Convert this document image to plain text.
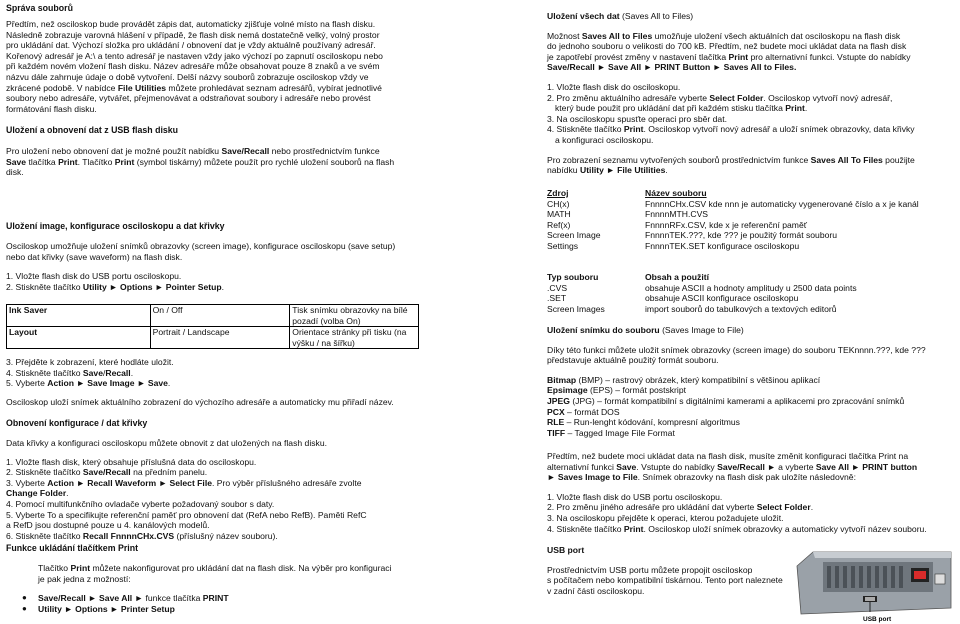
Správa souborů

Předtím, než osciloskop bude provádět zápis dat, automaticky zjišťuje volné místo na flash disku.

Následně zobrazuje varovná hlášení v případě, že flash disk nemá dostatečně velký, volný prostor

pro ukládání dat. Výchozí složka pro ukládání / obnovení dat je vždy aktuálně používaný adresář.

Kořenový adresář je A:\ a tento adresář je nastaven vždy jako výchozí po zapnutí osciloskopu nebo

při každém novém vložení flash disku. Název adresáře může obsahovat pouze 8 znaků a ve svém

názvu dále zahrnuje údaje o době vytvoření. Delší názvy souborů zobrazuje osciloskop vždy ve

zkrácené podobě. V nabídce File Utilities můžete prohledávat seznam adresářů, vybírat jednotlivé

soubory nebo adresáře, vytvářet, přejmenovávat a odstraňovat soubory i adresáře nebo provést

formátování flash disku.

Uložení a obnovení dat z USB flash disku

Pro uložení nebo obnovení dat je možné použít nabídku Save/Recall nebo prostřednictvím funkce

Save tlačítka Print. Tlačítko Print (symbol tiskárny) můžete použít pro rychlé uložení souborů na flash

disk.

Uložení image, konfigurace osciloskopu a dat křivky

Osciloskop umožňuje uložení snímků obrazovky (screen image), konfigurace osciloskopu (save setup)

nebo dat křivky (save waveform) na flash disk.

1. Vložte flash disk do USB portu osciloskopu.

2. Stiskněte tlačítko Utility ► Options ► Pointer Setup.

Ink Saver	On / Off	Tisk snímku obrazovky na bílé pozadí (volba On)
Layout	Portrait / Landscape	Orientace stránky při tisku (na výšku / na šířku)

3. Přejděte k zobrazení, které hodláte uložit.

4. Stiskněte tlačítko Save/Recall.

5. Vyberte Action ► Save Image ► Save.

Osciloskop uloží snímek aktuálního zobrazení do výchozího adresáře a automaticky mu přiřadí název.

Obnovení konfigurace / dat křivky

Data křivky a konfiguraci osciloskopu můžete obnovit z dat uložených na flash disku.

1. Vložte flash disk, který obsahuje příslušná data do osciloskopu.

2. Stiskněte tlačítko Save/Recall na předním panelu.

3. Vyberte Action ► Recall Waveform ► Select File. Pro výběr příslušného adresáře zvolte

Change Folder.

4. Pomocí multifunkčního ovladače vyberte požadovaný soubor s daty.

5. Vyberte To a specifikujte referenční paměť pro obnovení dat (RefA nebo RefB). Paměti RefC

a RefD jsou dostupné pouze u 4. kanálových modelů.

6. Stiskněte tlačítko Recall FnnnnCHx.CVS (příslušný název souboru).

Funkce ukládání tlačítkem Print

Tlačítko Print můžete nakonfigurovat pro ukládání dat na flash disk. Na výběr pro konfiguraci

je pak jedna z možností:

● Save/Recall ► Save All ► funkce tlačítka PRINT
● Utility ► Options ► Printer Setup

Uložení všech dat (Saves All to Files)

Možnost Saves All to Files umožňuje uložení všech aktuálních dat osciloskopu na flash disk

do jednoho souboru o velikosti do 700 kB. Předtím, než budete moci ukládat data na flash disk

je zapotřebí provést změny v nastavení tlačítka Print pro alternativní funkci. Vstupte do nabídky

Save/Recall ► Save All ► PRINT Button ► Saves All to Files.

1. Vložte flash disk do osciloskopu.

2. Pro změnu aktuálního adresáře vyberte Select Folder. Osciloskop vytvoří nový adresář,

který bude použit pro ukládání dat při každém stisku tlačítka Print.

3. Na osciloskopu spusťte operaci pro sběr dat.

4. Stiskněte tlačítko Print. Osciloskop vytvoří nový adresář a uloží snímek obrazovky, data křivky

a konfiguraci osciloskopu.

Pro zobrazení seznamu vytvořených souborů prostřednictvím funkce Saves All To Files použijte

nabídku Utility ► File Utilities.

Zdroj	Název souboru
CH(x)	FnnnnCHx.CSV kde nnn je automaticky vygenerované číslo a x je kanál
MATH	FnnnnMTH.CVS
Ref(x)	FnnnnRFx.CSV, kde x je referenční paměť
Screen Image	FnnnnTEK.???, kde ??? je použitý formát souboru
Settings	FnnnnTEK.SET konfigurace osciloskopu
Typ souboru	Obsah a použití
.CVS	obsahuje ASCII a hodnoty amplitudy u 2500 data points
.SET	obsahuje ASCII konfigurace osciloskopu
Screen Images	import souborů do tabulkových a textových editorů

Uložení snímku do souboru (Saves Image to File)

Díky této funkci můžete uložit snímek obrazovky (screen image) do souboru TEKnnnn.???, kde ???

představuje aktuálně použitý formát souboru.

Bitmap (BMP) – rastrový obrázek, který kompatibilní s většinou aplikací

Epsimage (EPS) – formát postskript

JPEG (JPG) – formát kompatibilní s digitálními kamerami a aplikacemi pro zpracování snímků

PCX – formát DOS

RLE – Run-lenght kódování, kompresní algoritmus

TIFF – Tagged Image File Format

Předtím, než budete moci ukládat data na flash disk, musíte změnit konfiguraci tlačítka Print na

alternativní funkci Save. Vstupte do nabídky Save/Recall ► a vyberte Save All ► PRINT button

► Saves Image to File. Snímek obrazovky na flash disk pak uložíte následovně:

1. Vložte flash disk do USB portu osciloskopu.

2. Pro změnu jiného adresáře pro ukládání dat vyberte Select Folder.

3. Na osciloskopu přejděte k operaci, kterou požadujete uložit.

4. Stiskněte tlačítko Print. Osciloskop uloží snímek obrazovky a automaticky vytvoří název souboru.

USB port

Prostřednictvím USB portu můžete propojit osciloskop

s počítačem nebo kompatibilní tiskárnou. Tento port naleznete

v zadní části osciloskopu.

USB port
